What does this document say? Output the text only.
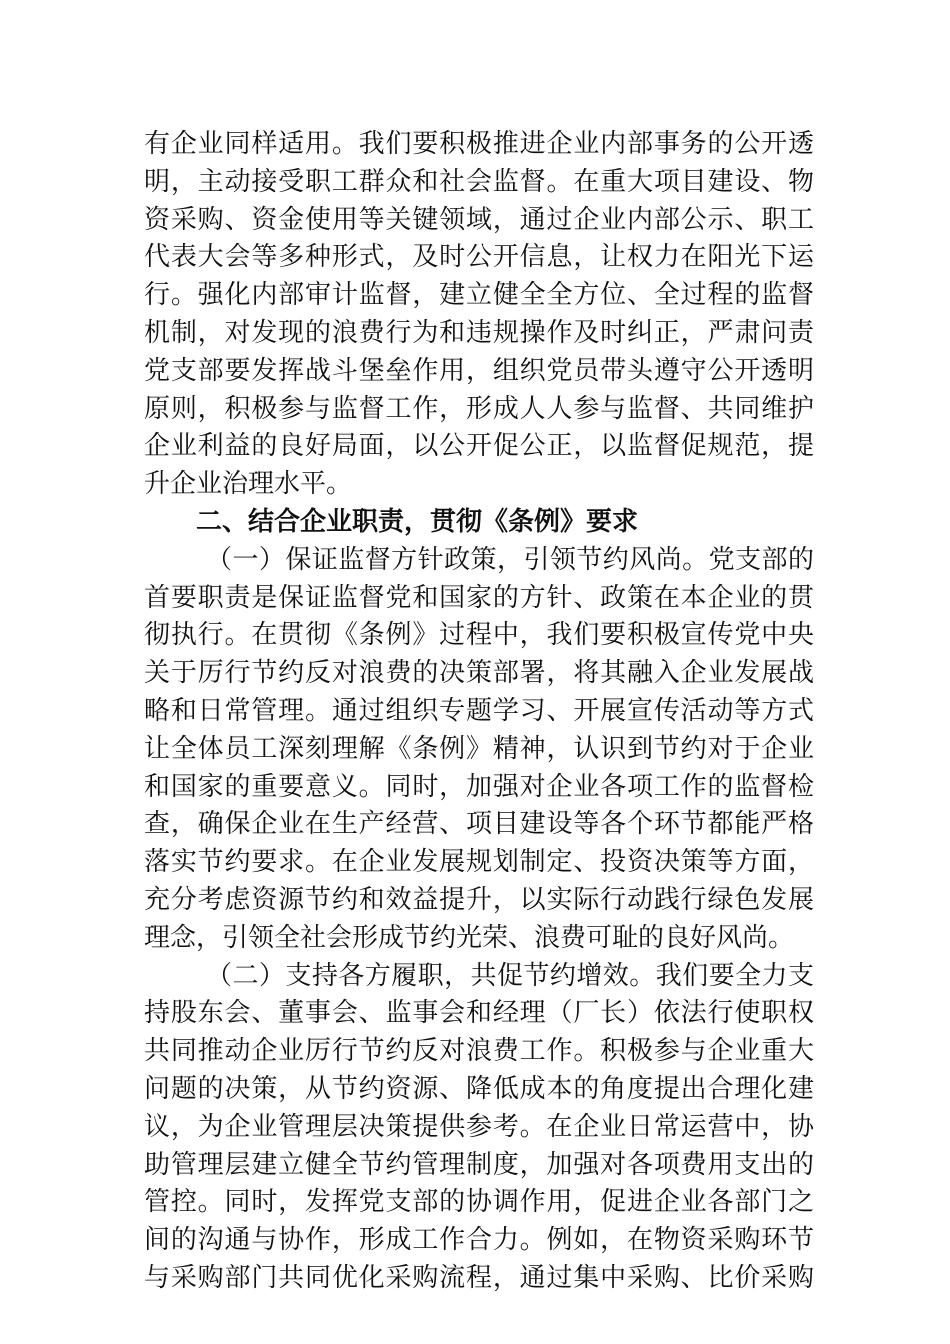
有企业同样适用。我们要积极推进企业内部事务的公开透
明，主动接受职工群众和社会监督。在重大项目建设、物
资采购、资金使用等关键领域，通过企业内部公示、职工
代表大会等多种形式，及时公开信息，让权力在阳光下运
行。强化内部审计监督，建立健全全方位、全过程的监督
机制，对发现的浪费行为和违规操作及时纠正，严肃问责
党支部要发挥战斗堡垒作用，组织党员带头遵守公开透明
原则，积极参与监督工作，形成人人参与监督、共同维护
企业利益的良好局面，以公开促公正，以监督促规范，提
升企业治理水平。
二、结合企业职责，贯彻《条例》要求
（一）保证监督方针政策，引领节约风尚。党支部的
首要职责是保证监督党和国家的方针、政策在本企业的贯
彻执行。在贯彻《条例》过程中，我们要积极宣传党中央
关于厉行节约反对浪费的决策部署，将其融入企业发展战
略和日常管理。通过组织专题学习、开展宣传活动等方式
让全体员工深刻理解《条例》精神，认识到节约对于企业
和国家的重要意义。同时，加强对企业各项工作的监督检
查，确保企业在生产经营、项目建设等各个环节都能严格
落实节约要求。在企业发展规划制定、投资决策等方面，
充分考虑资源节约和效益提升，以实际行动践行绿色发展
理念，引领全社会形成节约光荣、浪费可耻的良好风尚。
（二）支持各方履职，共促节约增效。我们要全力支
持股东会、董事会、监事会和经理（厂长）依法行使职权
共同推动企业厉行节约反对浪费工作。积极参与企业重大
问题的决策，从节约资源、降低成本的角度提出合理化建
议，为企业管理层决策提供参考。在企业日常运营中，协
助管理层建立健全节约管理制度，加强对各项费用支出的
管控。同时，发挥党支部的协调作用，促进企业各部门之
间的沟通与协作，形成工作合力。例如，在物资采购环节
与采购部门共同优化采购流程，通过集中采购、比价采购
